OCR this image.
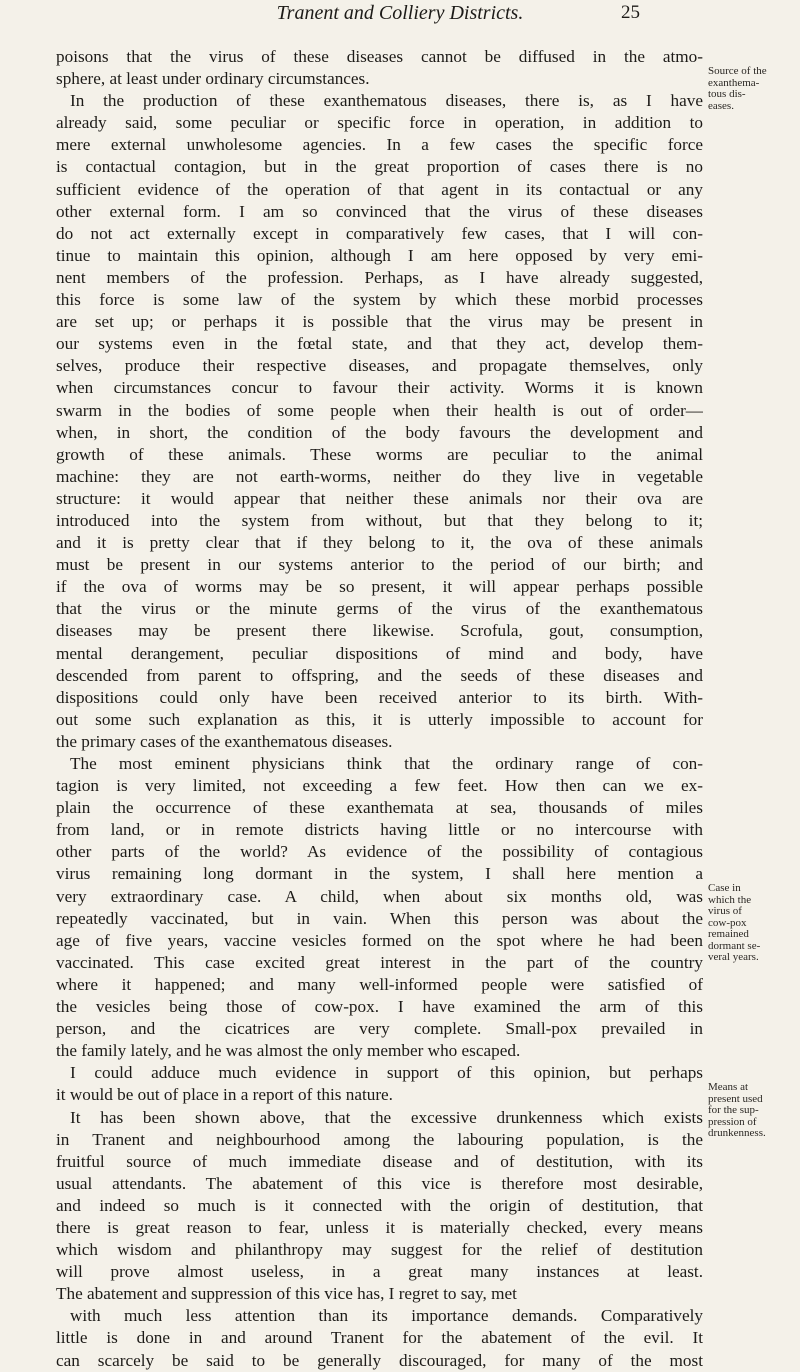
Tranent and Colliery Districts.	25
poisons that the virus of these diseases cannot be diffused in the atmo-
sphere, at least under ordinary circumstances.
In the production of these exanthematous diseases, there is, as I have
already said, some peculiar or specific force in operation, in addition to
mere external unwholesome agencies. In a few cases the specific force
is contactual contagion, but in the great proportion of cases there is no
sufficient evidence of the operation of that agent in its contactual or any
other external form. I am so convinced that the virus of these diseases
do not act externally except in comparatively few cases, that I will con-
tinue to maintain this opinion, although I am here opposed by very emi-
nent members of the profession. Perhaps, as I have already suggested,
this force is some law of the system by which these morbid processes
are set up; or perhaps it is possible that the virus may be present in
our systems even in the fœtal state, and that they act, develop them-
selves, produce their respective diseases, and propagate themselves, only
when circumstances concur to favour their activity. Worms it is known
swarm in the bodies of some people when their health is out of order—
when, in short, the condition of the body favours the development and
growth of these animals. These worms are peculiar to the animal
machine: they are not earth-worms, neither do they live in vegetable
structure: it would appear that neither these animals nor their ova are
introduced into the system from without, but that they belong to it;
and it is pretty clear that if they belong to it, the ova of these animals
must be present in our systems anterior to the period of our birth; and
if the ova of worms may be so present, it will appear perhaps possible
that the virus or the minute germs of the virus of the exanthematous
diseases may be present there likewise. Scrofula, gout, consumption,
mental derangement, peculiar dispositions of mind and body, have
descended from parent to offspring, and the seeds of these diseases and
dispositions could only have been received anterior to its birth. With-
out some such explanation as this, it is utterly impossible to account for
the primary cases of the exanthematous diseases.
The most eminent physicians think that the ordinary range of con-
tagion is very limited, not exceeding a few feet. How then can we ex-
plain the occurrence of these exanthemata at sea, thousands of miles
from land, or in remote districts having little or no intercourse with
other parts of the world? As evidence of the possibility of contagious
virus remaining long dormant in the system, I shall here mention a
very extraordinary case. A child, when about six months old, was
repeatedly vaccinated, but in vain. When this person was about the
age of five years, vaccine vesicles formed on the spot where he had been
vaccinated. This case excited great interest in the part of the country
where it happened; and many well-informed people were satisfied of
the vesicles being those of cow-pox. I have examined the arm of this
person, and the cicatrices are very complete. Small-pox prevailed in
the family lately, and he was almost the only member who escaped.
I could adduce much evidence in support of this opinion, but perhaps
it would be out of place in a report of this nature.
It has been shown above, that the excessive drunkenness which exists
in Tranent and neighbourhood among the labouring population, is the
fruitful source of much immediate disease and of destitution, with its
usual attendants. The abatement of this vice is therefore most desirable,
and indeed so much is it connected with the origin of destitution, that
there is great reason to fear, unless it is materially checked, every means
which wisdom and philanthropy may suggest for the relief of destitution
will prove almost useless, in a great many instances at least.
The abatement and suppression of this vice has, I regret to say, met
with much less attention than its importance demands. Comparatively
little is done in and around Tranent for the abatement of the evil. It
can scarcely be said to be generally discouraged, for many of the most
Source of the
exanthema-
tous dis-
eases.
Case in
which the
virus of
cow-pox
remained
dormant se-
veral years.
Means at
present used
for the sup-
pression of
drunkenness.
